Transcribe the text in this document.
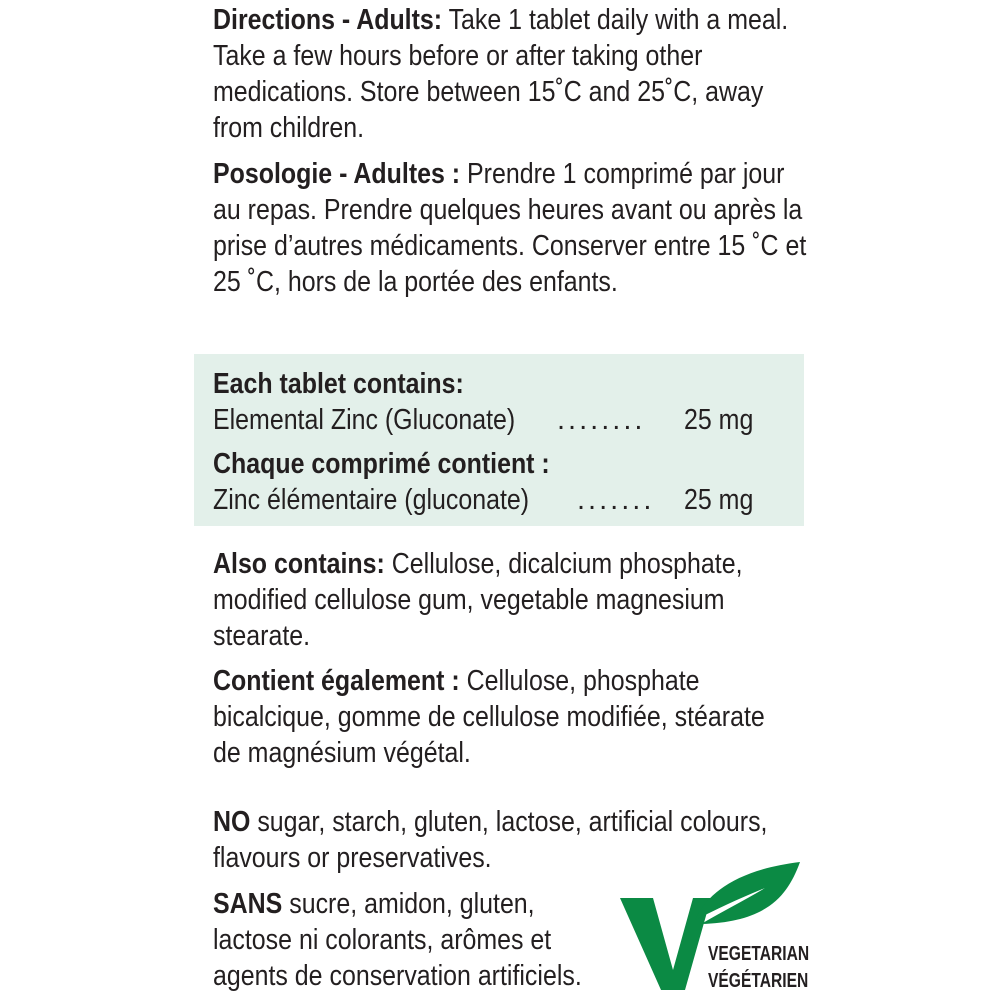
Directions - Adults: Take 1 tablet daily with a meal. Take a few hours before or after taking other medications. Store between 15˚C and 25˚C, away from children.

Posologie - Adultes : Prendre 1 comprimé par jour au repas. Prendre quelques heures avant ou après la prise d’autres médicaments. Conserver entre 15 ˚C et 25 ˚C, hors de la portée des enfants.

Each tablet contains:
Elemental Zinc (Gluconate) ........ 25 mg
Chaque comprimé contient :
Zinc élémentaire (gluconate) ....... 25 mg

Also contains: Cellulose, dicalcium phosphate, modified cellulose gum, vegetable magnesium stearate.

Contient également : Cellulose, phosphate bicalcique, gomme de cellulose modifiée, stéarate de magnésium végétal.

NO sugar, starch, gluten, lactose, artificial colours, flavours or preservatives.

SANS sucre, amidon, gluten, lactose ni colorants, arômes et agents de conservation artificiels.

VEGETARIAN
VÉGÉTARIEN
